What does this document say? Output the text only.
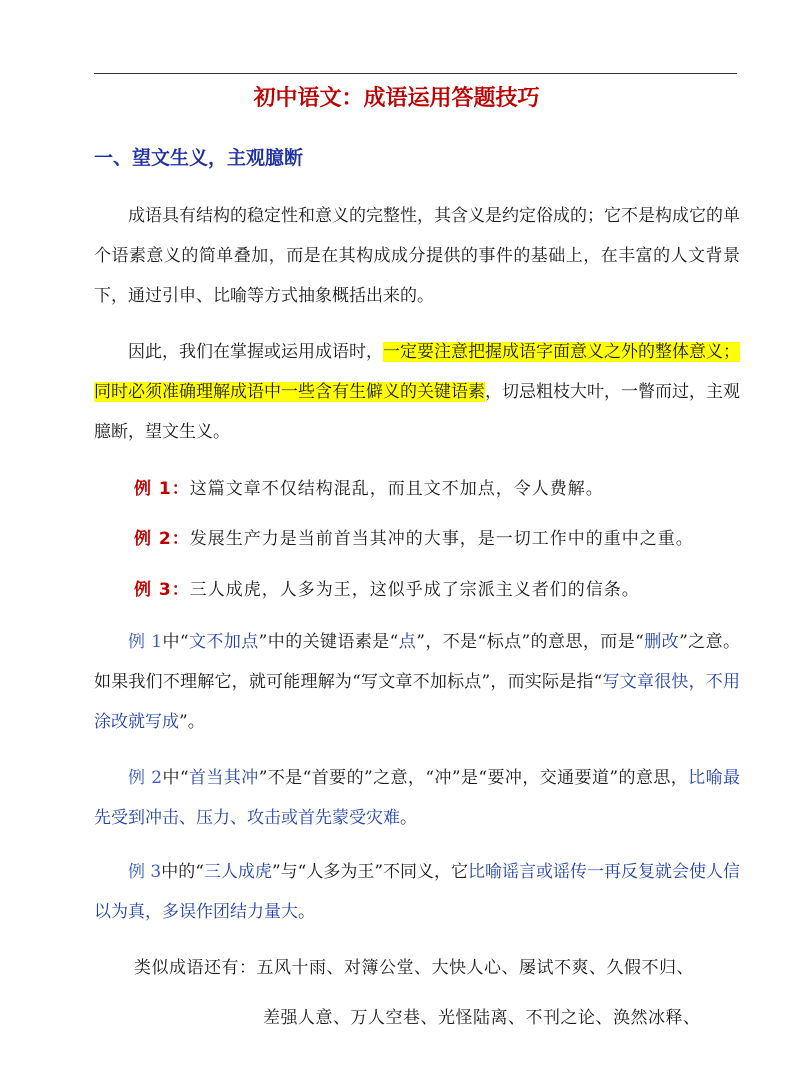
初中语文：成语运用答题技巧
一、望文生义，主观臆断

成语具有结构的稳定性和意义的完整性，其含义是约定俗成的；它不是构成它的单个语素意义的简单叠加，而是在其构成成分提供的事件的基础上，在丰富的人文背景下，通过引申、比喻等方式抽象概括出来的。

因此，我们在掌握或运用成语时，一定要注意把握成语字面意义之外的整体意义；同时必须准确理解成语中一些含有生僻义的关键语素，切忌粗枝大叶，一瞥而过，主观臆断，望文生义。

例 1：这篇文章不仅结构混乱，而且文不加点，令人费解。

例 2：发展生产力是当前首当其冲的大事，是一切工作中的重中之重。

例 3：三人成虎，人多为王，这似乎成了宗派主义者们的信条。

例 1中“文不加点”中的关键语素是“点”，不是“标点”的意思，而是“删改”之意。如果我们不理解它，就可能理解为“写文章不加标点”，而实际是指“写文章很快，不用涂改就写成”。

例 2中“首当其冲”不是“首要的”之意，“冲”是“要冲，交通要道”的意思，比喻最先受到冲击、压力、攻击或首先蒙受灾难。

例 3中的“三人成虎”与“人多为王”不同义，它比喻谣言或谣传一再反复就会使人信以为真，多误作团结力量大。

类似成语还有：五风十雨、对簿公堂、大快人心、屡试不爽、久假不归、

差强人意、万人空巷、光怪陆离、不刊之论、涣然冰释、
